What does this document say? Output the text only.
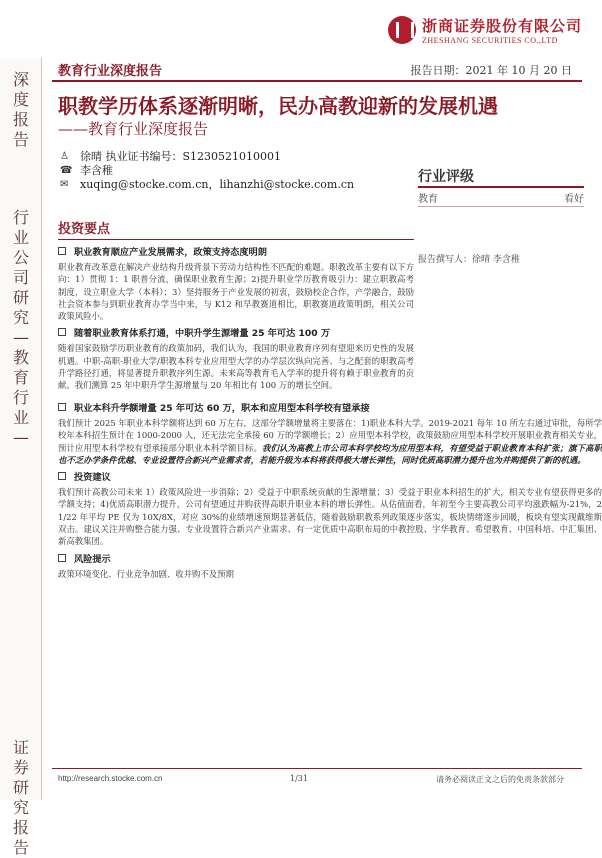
深度报告
行业公司研究—教育行业—
证券研究报告
浙商证券股份有限公司
ZHESHANG SECURITIES CO.,LTD
教育行业深度报告	报告日期：2021 年 10 月 20 日
职教学历体系逐渐明晰，民办高教迎新的发展机遇
——教育行业深度报告
♙	徐晴 执业证书编号：S1230521010001
☎ 李含稚
✉	xuqing@stocke.com.cn，lihanzhi@stocke.com.cn	行业评级
教育	看好
报告撰写人：徐晴 李含稚
投资要点
职业教育顺应产业发展需求，政策支持态度明朗
职业教育改革意在解决产业结构升级背景下劳动力结构性不匹配的难题。职教改革主要有以下方向：1）贯彻 1：1 职普分流，确保职业教育生源；2)提升职业学历教育吸引力：建立职教高考制度，设立职业大学（本科）；3）坚持服务于产业发展的初衷，鼓励校企合作，产学融合，鼓励社会资本参与到职业教育办学当中来，与 K12 和早教赛道相比，职教赛道政策明朗，相关公司政策风险小。
随着职业教育体系打通，中职升学生源增量 25 年可达 100 万
随着国家鼓励学历职业教育的政策加码，我们认为，我国的职业教育序列有望迎来历史性的发展机遇。中职-高职-职业大学/职教本科专业应用型大学的办学层次纵向完善、与之配套的职教高考升学路径打通，将显著提升职教序列生源。未来高等教育毛入学率的提升将有赖于职业教育的贡献。我们测算 25 年中职升学生源增量与 20 年相比有 100 万的增长空间。
职业本科升学额增量 25 年可达 60 万，职本和应用型本科学校有望承接
我们预计 2025 年职业本科学额将达到 60 万左右，这部分学额增量将主要落在：1)职业本科大学。2019-2021 每年 10 所左右通过审批，每所学校年本科招生预计在 1000-2000 人，还无法完全承接 60 万的学额增长；2）应用型本科学校，政策鼓励应用型本科学校开展职业教育相关专业，预计应用型本科学校有望承接部分职业本科学额目标。我们认为高教上市公司本科学校均为应用型本科，有望受益于职业教育本科扩张；旗下高职也不乏办学条件优越、专业设置符合新兴产业需求者，若能升级为本科将获得极大增长弹性，同时优质高职潜力提升也为并购提供了新的机遇。
投资建议
我们预计高教公司未来 1）政策风险进一步消除；2）受益于中职系统贡献的生源增量；3）受益于职业本科招生的扩大，相关专业有望获得更多的学额支持；4)优质高职潜力提升，公司有望通过并购获得高职升职业本科的增长弹性。从估值面看，年初至今主要高教公司平均涨跌幅为-21%，21/22 年平均 PE 仅为 10X/8X，对应 30%的业绩增速预期显著低估，随着鼓励职教系列政策逐步落实，板块情绪逐步回暖，板块有望实现戴维斯双击。建议关注并购整合能力强、专业设置符合新兴产业需求、有一定优质中高职布局的中教控股、宇华教育、希望教育、中国科培、中汇集团、新高教集团。
风险提示
政策环境变化、行业竞争加剧、收并购不及预期
http://research.stocke.com.cn	1/31	请务必阅读正文之后的免责条款部分
